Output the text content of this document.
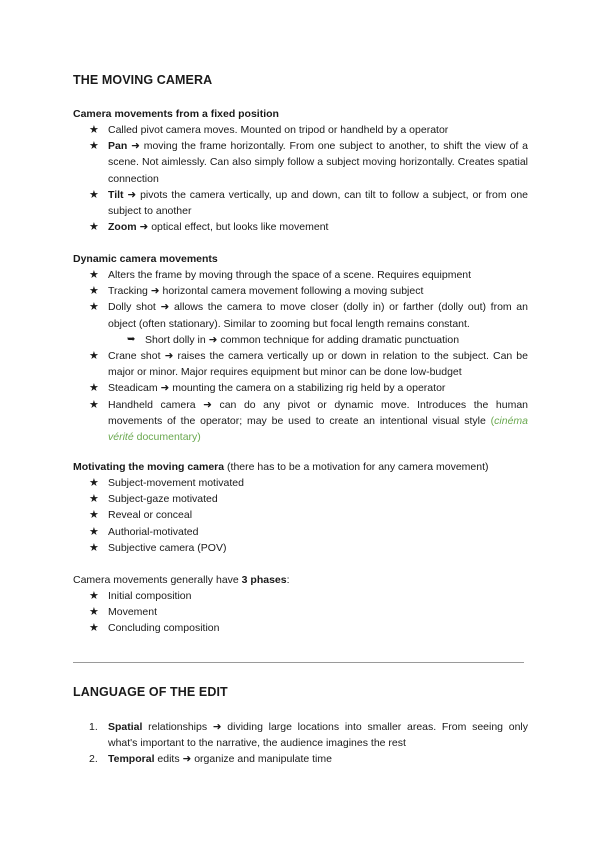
THE MOVING CAMERA
Camera movements from a fixed position
★ Called pivot camera moves. Mounted on tripod or handheld by a operator
★ Pan ➜ moving the frame horizontally. From one subject to another, to shift the view of a scene. Not aimlessly. Can also simply follow a subject moving horizontally. Creates spatial connection
★ Tilt ➜ pivots the camera vertically, up and down, can tilt to follow a subject, or from one subject to another
★ Zoom ➜ optical effect, but looks like movement
Dynamic camera movements
★ Alters the frame by moving through the space of a scene. Requires equipment
★ Tracking ➜ horizontal camera movement following a moving subject
★ Dolly shot ➜ allows the camera to move closer (dolly in) or farther (dolly out) from an object (often stationary). Similar to zooming but focal length remains constant.
➥ Short dolly in ➜ common technique for adding dramatic punctuation
★ Crane shot ➜ raises the camera vertically up or down in relation to the subject. Can be major or minor. Major requires equipment but minor can be done low-budget
★ Steadicam ➜ mounting the camera on a stabilizing rig held by a operator
★ Handheld camera ➜ can do any pivot or dynamic move. Introduces the human movements of the operator; may be used to create an intentional visual style (cinéma vérité documentary)
Motivating the moving camera (there has to be a motivation for any camera movement)
★ Subject-movement motivated
★ Subject-gaze motivated
★ Reveal or conceal
★ Authorial-motivated
★ Subjective camera (POV)
Camera movements generally have 3 phases:
★ Initial composition
★ Movement
★ Concluding composition
LANGUAGE OF THE EDIT
1. Spatial relationships ➜ dividing large locations into smaller areas. From seeing only what's important to the narrative, the audience imagines the rest
2. Temporal edits ➜ organize and manipulate time
